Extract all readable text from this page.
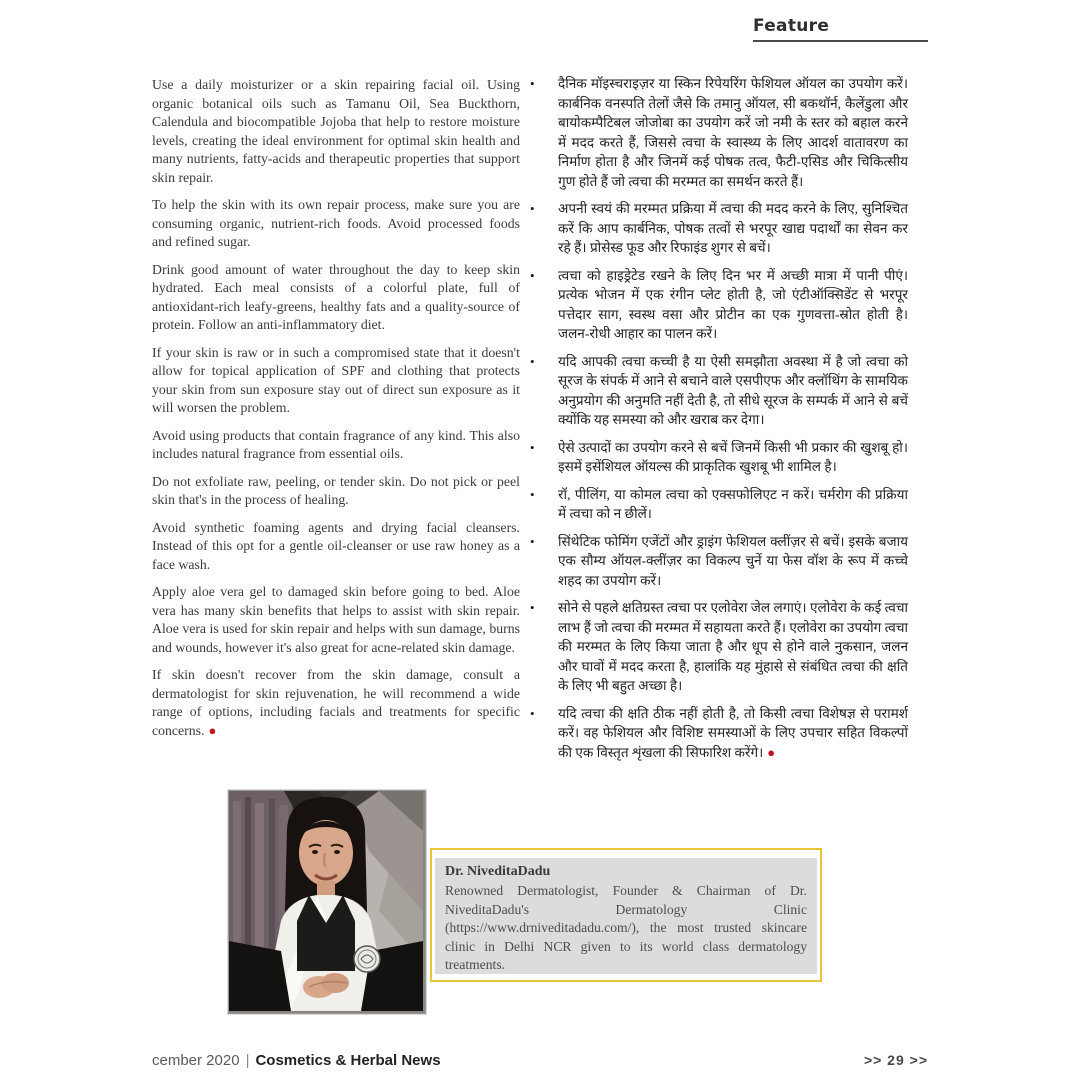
Feature

Use a daily moisturizer or a skin repairing facial oil. Using organic botanical oils such as Tamanu Oil, Sea Buckthorn, Calendula and biocompatible Jojoba that help to restore moisture levels, creating the ideal environment for optimal skin health and many nutrients, fatty-acids and therapeutic properties that support skin repair.

To help the skin with its own repair process, make sure you are consuming organic, nutrient-rich foods. Avoid processed foods and refined sugar.

Drink good amount of water throughout the day to keep skin hydrated. Each meal consists of a colorful plate, full of antioxidant-rich leafy-greens, healthy fats and a quality-source of protein. Follow an anti-inflammatory diet.

If your skin is raw or in such a compromised state that it doesn't allow for topical application of SPF and clothing that protects your skin from sun exposure stay out of direct sun exposure as it will worsen the problem.

Avoid using products that contain fragrance of any kind. This also includes natural fragrance from essential oils.

Do not exfoliate raw, peeling, or tender skin. Do not pick or peel skin that's in the process of healing.

Avoid synthetic foaming agents and drying facial cleansers. Instead of this opt for a gentle oil-cleanser or use raw honey as a face wash.

Apply aloe vera gel to damaged skin before going to bed. Aloe vera has many skin benefits that helps to assist with skin repair. Aloe vera is used for skin repair and helps with sun damage, burns and wounds, however it's also great for acne-related skin damage.

If skin doesn't recover from the skin damage, consult a dermatologist for skin rejuvenation, he will recommend a wide range of options, including facials and treatments for specific concerns. ●

• दैनिक मॉइस्चराइज़र या स्किन रिपेयरिंग फेशियल ऑयल का उपयोग करें। कार्बनिक वनस्पति तेलों जैसे कि तमानु ऑयल, सी बकथॉर्न, कैलेंडुला और बायोकम्पैटिबल जोजोबा का उपयोग करें जो नमी के स्तर को बहाल करने में मदद करते हैं, जिससे त्वचा के स्वास्थ्य के लिए आदर्श वातावरण का निर्माण होता है और जिनमें कई पोषक तत्व, फैटी-एसिड और चिकित्सीय गुण होते हैं जो त्वचा की मरम्मत का समर्थन करते हैं।
• अपनी स्वयं की मरम्मत प्रक्रिया में त्वचा की मदद करने के लिए, सुनिश्चित करें कि आप कार्बनिक, पोषक तत्वों से भरपूर खाद्य पदार्थों का सेवन कर रहे हैं। प्रोसेस्ड फूड और रिफाइंड शुगर से बचें।
• त्वचा को हाइड्रेटेड रखने के लिए दिन भर में अच्छी मात्रा में पानी पीएं। प्रत्येक भोजन में एक रंगीन प्लेट होती है, जो एंटीऑक्सिडेंट से भरपूर पत्तेदार साग, स्वस्थ वसा और प्रोटीन का एक गुणवत्ता-स्रोत होती है। जलन-रोधी आहार का पालन करें।
• यदि आपकी त्वचा कच्ची है या ऐसी समझौता अवस्था में है जो त्वचा को सूरज के संपर्क में आने से बचाने वाले एसपीएफ और क्लॉथिंग के सामयिक अनुप्रयोग की अनुमति नहीं देती है, तो सीधे सूरज के सम्पर्क में आने से बचें क्योंकि यह समस्या को और खराब कर देगा।
• ऐसे उत्पादों का उपयोग करने से बचें जिनमें किसी भी प्रकार की खुशबू हो। इसमें इसेंशियल ऑयल्स की प्राकृतिक खुशबू भी शामिल है।
• रॉ, पीलिंग, या कोमल त्वचा को एक्सफोलिएट न करें। चर्मरोग की प्रक्रिया में त्वचा को न छीलें।
• सिंथेटिक फोमिंग एजेंटों और ड्राइंग फेशियल क्लींज़र से बचें। इसके बजाय एक सौम्य ऑयल-क्लींज़र का विकल्प चुनें या फेस वॉश के रूप में कच्चे शहद का उपयोग करें।
• सोने से पहले क्षतिग्रस्त त्वचा पर एलोवेरा जेल लगाएं। एलोवेरा के कई त्वचा लाभ हैं जो त्वचा की मरम्मत में सहायता करते हैं। एलोवेरा का उपयोग त्वचा की मरम्मत के लिए किया जाता है और धूप से होने वाले नुकसान, जलन और घावों में मदद करता है, हालांकि यह मुंहासे से संबंधित त्वचा की क्षति के लिए भी बहुत अच्छा है।
• यदि त्वचा की क्षति ठीक नहीं होती है, तो किसी त्वचा विशेषज्ञ से परामर्श करें। वह फेशियल और विशिष्ट समस्याओं के लिए उपचार सहित विकल्पों की एक विस्तृत शृंखला की सिफारिश करेंगे। ●

Dr. NiveditaDadu

Renowned Dermatologist, Founder & Chairman of Dr. NiveditaDadu's Dermatology Clinic (https://www.drniveditadadu.com/), the most trusted skincare clinic in Delhi NCR given to its world class dermatology treatments.

cember 2020 | Cosmetics & Herbal News	>> 29 >>
